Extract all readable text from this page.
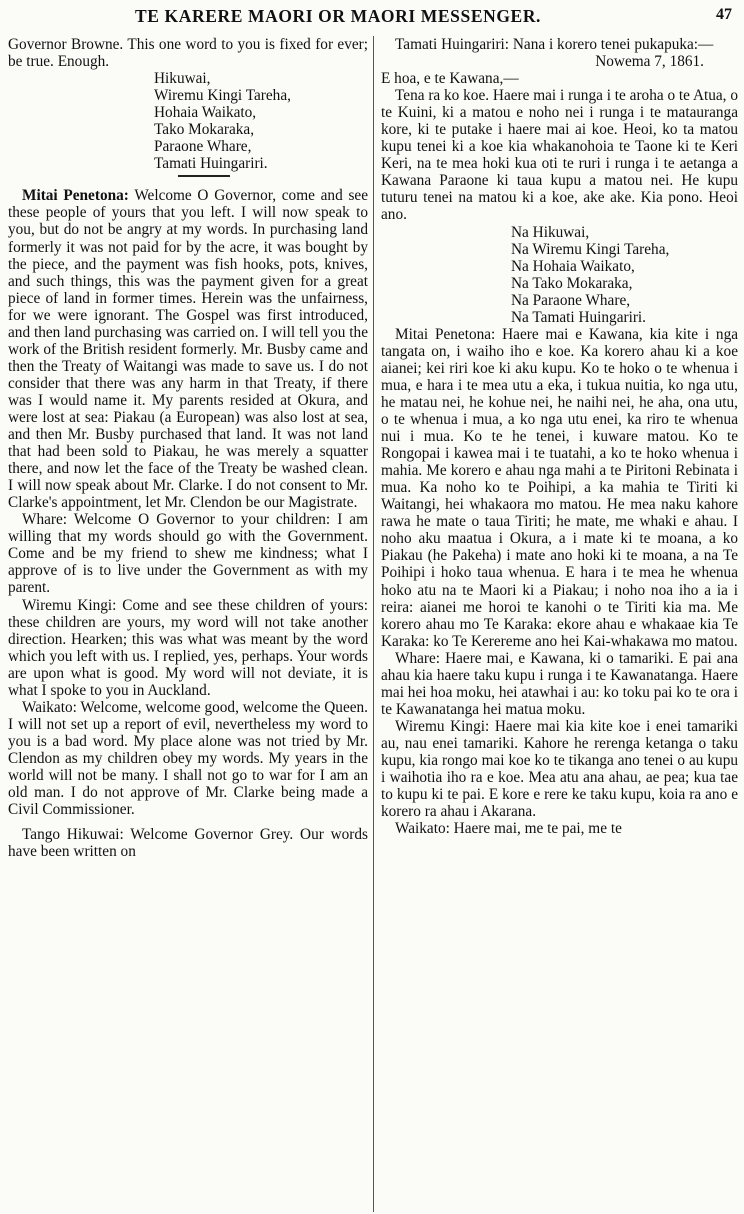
TE KARERE MAORI OR MAORI MESSENGER.	47

Governor Browne. This one word to you is fixed for ever; be true. Enough.

Hikuwai,
Wiremu Kingi Tareha,
Hohaia Waikato,
Tako Mokaraka,
Paraone Whare,
Tamati Huingariri.

Mitai Penetona: Welcome O Governor, come and see these people of yours that you left. I will now speak to you, but do not be angry at my words. In purchasing land formerly it was not paid for by the acre, it was bought by the piece, and the payment was fish hooks, pots, knives, and such things, this was the payment given for a great piece of land in former times. Herein was the unfairness, for we were ignorant. The Gospel was first introduced, and then land purchasing was carried on. I will tell you the work of the British resident formerly. Mr. Busby came and then the Treaty of Waitangi was made to save us. I do not consider that there was any harm in that Treaty, if there was I would name it. My parents resided at Okura, and were lost at sea: Piakau (a European) was also lost at sea, and then Mr. Busby purchased that land. It was not land that had been sold to Piakau, he was merely a squatter there, and now let the face of the Treaty be washed clean. I will now speak about Mr. Clarke. I do not consent to Mr. Clarke's appointment, let Mr. Clendon be our Magistrate.

Whare: Welcome O Governor to your children: I am willing that my words should go with the Government. Come and be my friend to shew me kindness; what I approve of is to live under the Government as with my parent.

Wiremu Kingi: Come and see these children of yours: these children are yours, my word will not take another direction. Hearken; this was what was meant by the word which you left with us. I replied, yes, perhaps. Your words are upon what is good. My word will not deviate, it is what I spoke to you in Auckland.

Waikato: Welcome, welcome good, welcome the Queen. I will not set up a report of evil, nevertheless my word to you is a bad word. My place alone was not tried by Mr. Clendon as my children obey my words. My years in the world will not be many. I shall not go to war for I am an old man. I do not approve of Mr. Clarke being made a Civil Commissioner.

Tango Hikuwai: Welcome Governor Grey. Our words have been written on

Tamati Huingariri: Nana i korero tenei pukapuka:—

Nowema 7, 1861.

E hoa, e te Kawana,—

Tena ra ko koe. Haere mai i runga i te aroha o te Atua, o te Kuini, ki a matou e noho nei i runga i te matauranga kore, ki te putake i haere mai ai koe. Heoi, ko ta matou kupu tenei ki a koe kia whakanohoia te Taone ki te Keri Keri, na te mea hoki kua oti te ruri i runga i te aetanga a Kawana Paraone ki taua kupu a matou nei. He kupu tuturu tenei na matou ki a koe, ake ake. Kia pono. Heoi ano.

Na Hikuwai,
Na Wiremu Kingi Tareha,
Na Hohaia Waikato,
Na Tako Mokaraka,
Na Paraone Whare,
Na Tamati Huingariri.

Mitai Penetona: Haere mai e Kawana, kia kite i nga tangata on, i waiho iho e koe. Ka korero ahau ki a koe aianei; kei riri koe ki aku kupu. Ko te hoko o te whenua i mua, e hara i te mea utu a eka, i tukua nuitia, ko nga utu, he matau nei, he kohue nei, he naihi nei, he aha, ona utu, o te whenua i mua, a ko nga utu enei, ka riro te whenua nui i mua. Ko te he tenei, i kuware matou. Ko te Rongopai i kawea mai i te tuatahi, a ko te hoko whenua i mahia. Me korero e ahau nga mahi a te Piritoni Rebinata i mua. Ka noho ko te Poihipi, a ka mahia te Tiriti ki Waitangi, hei whakaora mo matou. He mea naku kahore rawa he mate o taua Tiriti; he mate, me whaki e ahau. I noho aku maatua i Okura, a i mate ki te moana, a ko Piakau (he Pakeha) i mate ano hoki ki te moana, a na Te Poihipi i hoko taua whenua. E hara i te mea he whenua hoko atu na te Maori ki a Piakau; i noho noa iho a ia i reira: aianei me horoi te kanohi o te Tiriti kia ma. Me korero ahau mo Te Karaka: ekore ahau e whakaae kia Te Karaka: ko Te Kerereme ano hei Kai-whakawa mo matou.

Whare: Haere mai, e Kawana, ki o tamariki. E pai ana ahau kia haere taku kupu i runga i te Kawanatanga. Haere mai hei hoa moku, hei atawhai i au: ko toku pai ko te ora i te Kawanatanga hei matua moku.

Wiremu Kingi: Haere mai kia kite koe i enei tamariki au, nau enei tamariki. Kahore he rerenga ketanga o taku kupu, kia rongo mai koe ko te tikanga ano tenei o au kupu i waihotia iho ra e koe. Mea atu ana ahau, ae pea; kua tae to kupu ki te pai. E kore e rere ke taku kupu, koia ra ano e korero ra ahau i Akarana.

Waikato: Haere mai, me te pai, me te
